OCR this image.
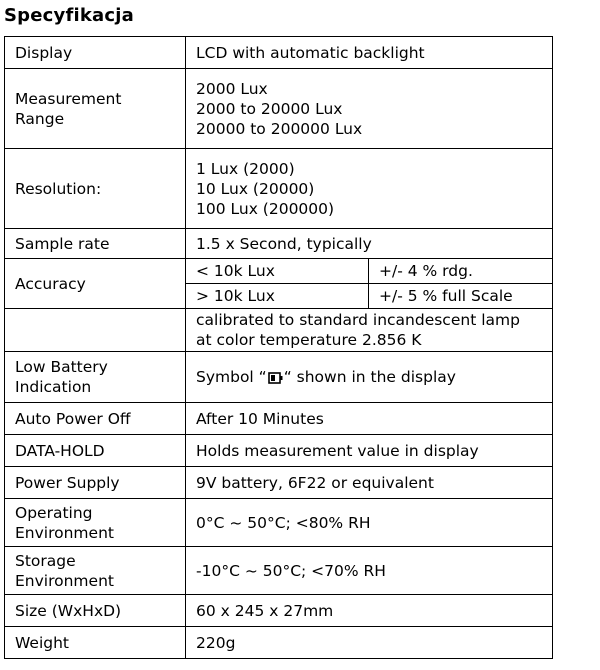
Specyfikacja
Display	LCD with automatic backlight	
Measurement
Range	2000 Lux
2000 to 20000 Lux
20000 to 200000 Lux	
Resolution:	1 Lux (2000)
10 Lux (20000)
100 Lux (200000)	
Sample rate	1.5 x Second, typically	
Accuracy	< 10k Lux	+/- 4 % rdg.
	> 10k Lux	+/- 5 % full Scale
	calibrated to standard incandescent lamp
at color temperature 2.856 K	
Low Battery
Indication	Symbol “ “ shown in the display	
Auto Power Off	After 10 Minutes	
DATA-HOLD	Holds measurement value in display	
Power Supply	9V battery, 6F22 or equivalent	
Operating
Environment	0°C ~ 50°C; <80% RH	
Storage
Environment	-10°C ~ 50°C; <70% RH	
Size (WxHxD)	60 x 245 x 27mm	
Weight	220g	
